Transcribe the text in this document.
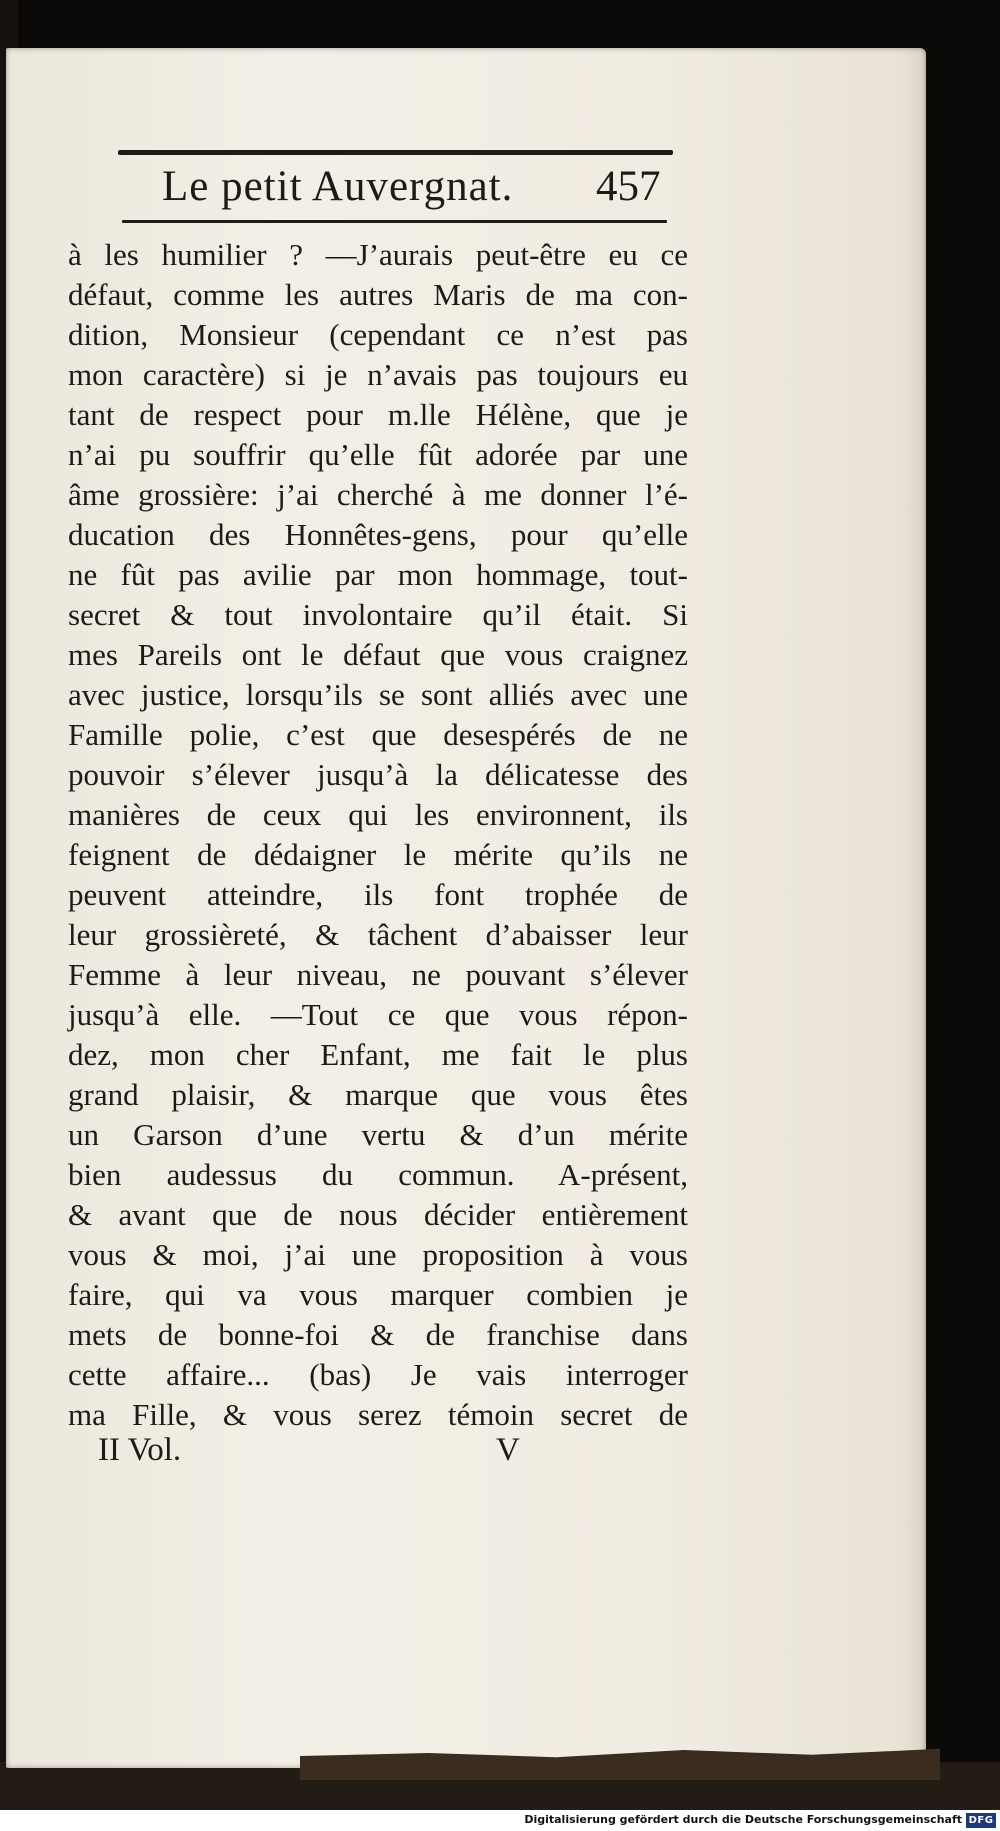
Le petit Auvergnat. 457
à les humilier ? —J’aurais peut-être eu ce
défaut, comme les autres Maris de ma con-
dition, Monsieur (cependant ce n’est pas
mon caractère) si je n’avais pas toujours eu
tant de respect pour m.lle Hélène, que je
n’ai pu souffrir qu’elle fût adorée par une
âme grossière: j’ai cherché à me donner l’é-
ducation des Honnêtes-gens, pour qu’elle
ne fût pas avilie par mon hommage, tout-
secret & tout involontaire qu’il était. Si
mes Pareils ont le défaut que vous craignez
avec justice, lorsqu’ils se sont alliés avec une
Famille polie, c’est que desespérés de ne
pouvoir s’élever jusqu’à la délicatesse des
manières de ceux qui les environnent, ils
feignent de dédaigner le mérite qu’ils ne
peuvent atteindre, ils font trophée de
leur grossièreté, & tâchent d’abaisser leur
Femme à leur niveau, ne pouvant s’élever
jusqu’à elle. —Tout ce que vous répon-
dez, mon cher Enfant, me fait le plus
grand plaisir, & marque que vous êtes
un Garson d’une vertu & d’un mérite
bien audessus du commun. A-présent,
& avant que de nous décider entièrement
vous & moi, j’ai une proposition à vous
faire, qui va vous marquer combien je
mets de bonne-foi & de franchise dans
cette affaire... (bas) Je vais interroger
ma Fille, & vous serez témoin secret de
II Vol.	V
Digitalisierung gefördert durch die Deutsche Forschungsgemeinschaft DFG
